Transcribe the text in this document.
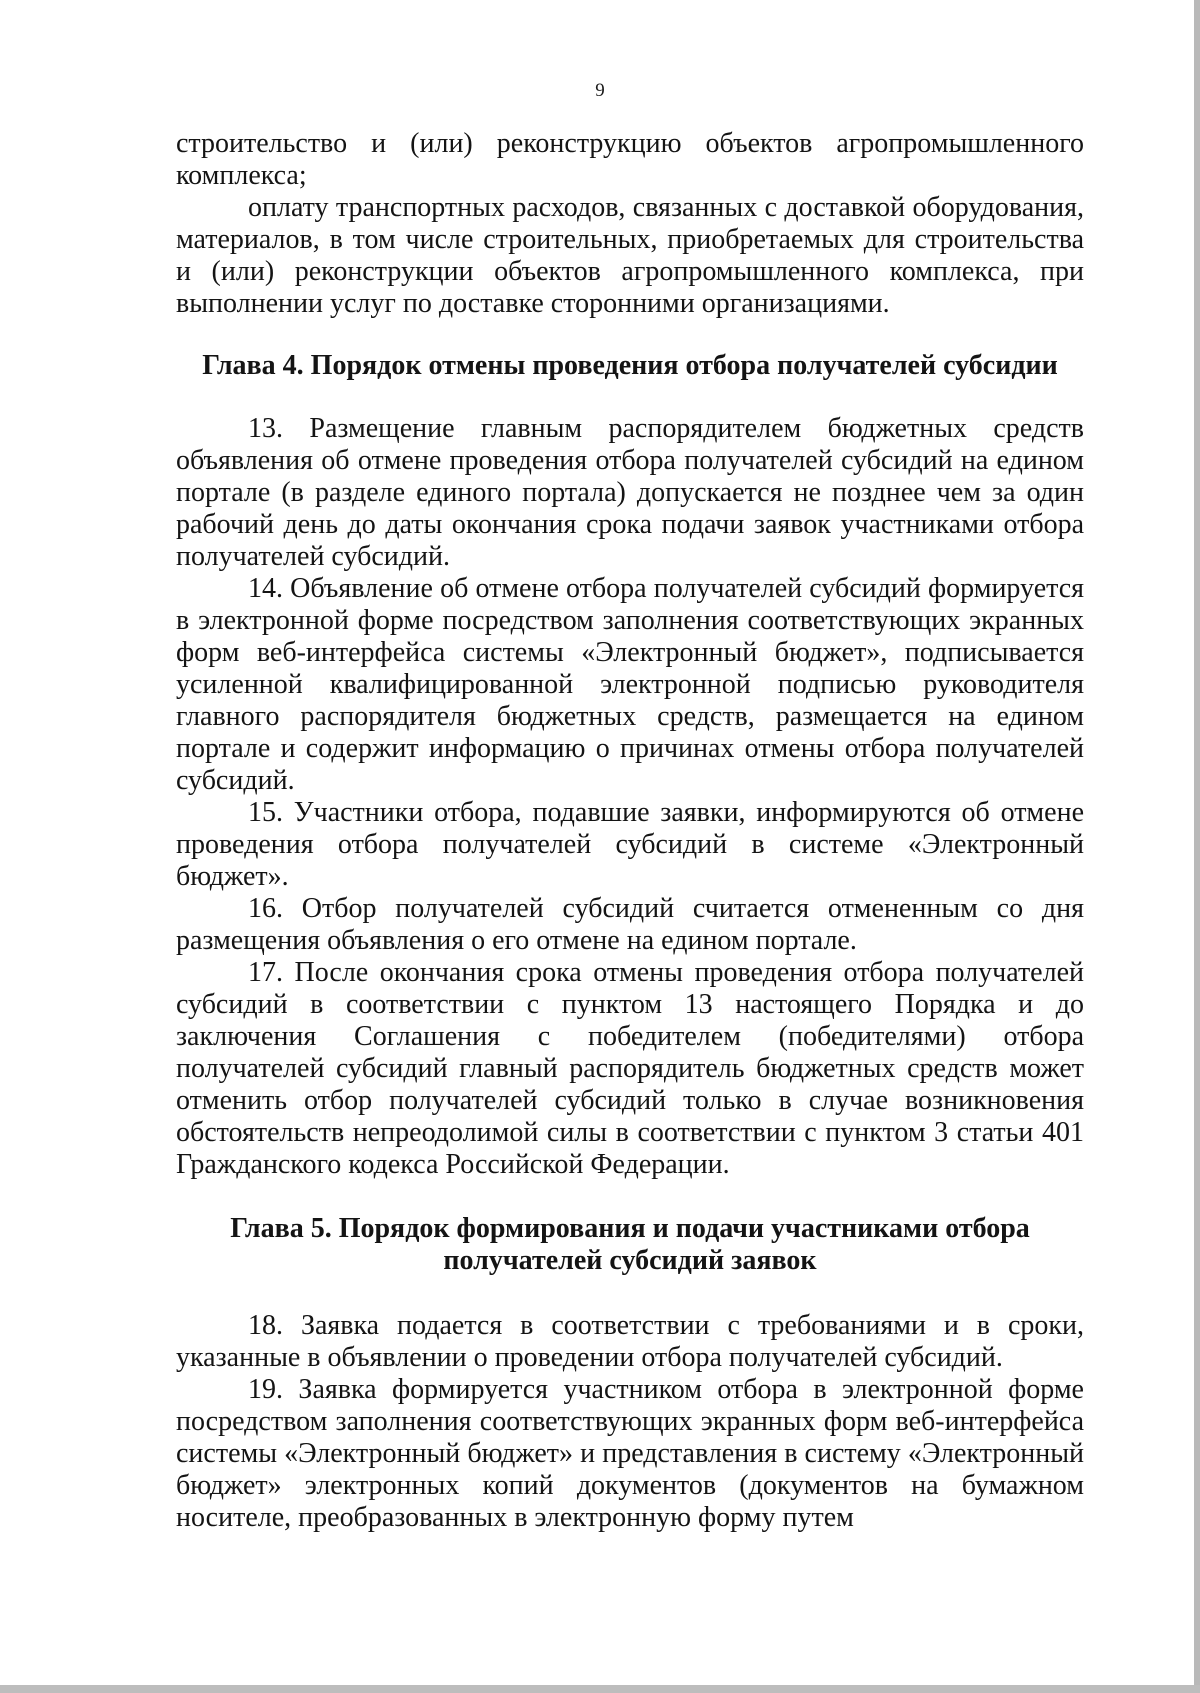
9

строительство и (или) реконструкцию объектов агропромышленного комплекса;

оплату транспортных расходов, связанных с доставкой оборудования, материалов, в том числе строительных, приобретаемых для строительства и (или) реконструкции объектов агропромышленного комплекса, при выполнении услуг по доставке сторонними организациями.

Глава 4. Порядок отмены проведения отбора получателей субсидии

13. Размещение главным распорядителем бюджетных средств объявления об отмене проведения отбора получателей субсидий на едином портале (в разделе единого портала) допускается не позднее чем за один рабочий день до даты окончания срока подачи заявок участниками отбора получателей субсидий.

14. Объявление об отмене отбора получателей субсидий формируется в электронной форме посредством заполнения соответствующих экранных форм веб-интерфейса системы «Электронный бюджет», подписывается усиленной квалифицированной электронной подписью руководителя главного распорядителя бюджетных средств, размещается на едином портале и содержит информацию о причинах отмены отбора получателей субсидий.

15. Участники отбора, подавшие заявки, информируются об отмене проведения отбора получателей субсидий в системе «Электронный бюджет».

16. Отбор получателей субсидий считается отмененным со дня размещения объявления о его отмене на едином портале.

17. После окончания срока отмены проведения отбора получателей субсидий в соответствии с пунктом 13 настоящего Порядка и до заключения Соглашения с победителем (победителями) отбора получателей субсидий главный распорядитель бюджетных средств может отменить отбор получателей субсидий только в случае возникновения обстоятельств непреодолимой силы в соответствии с пунктом 3 статьи 401 Гражданского кодекса Российской Федерации.

Глава 5. Порядок формирования и подачи участниками отбора
получателей субсидий заявок

18. Заявка подается в соответствии с требованиями и в сроки, указанные в объявлении о проведении отбора получателей субсидий.

19. Заявка формируется участником отбора в электронной форме посредством заполнения соответствующих экранных форм веб-интерфейса системы «Электронный бюджет» и представления в систему «Электронный бюджет» электронных копий документов (документов на бумажном носителе, преобразованных в электронную форму путем
